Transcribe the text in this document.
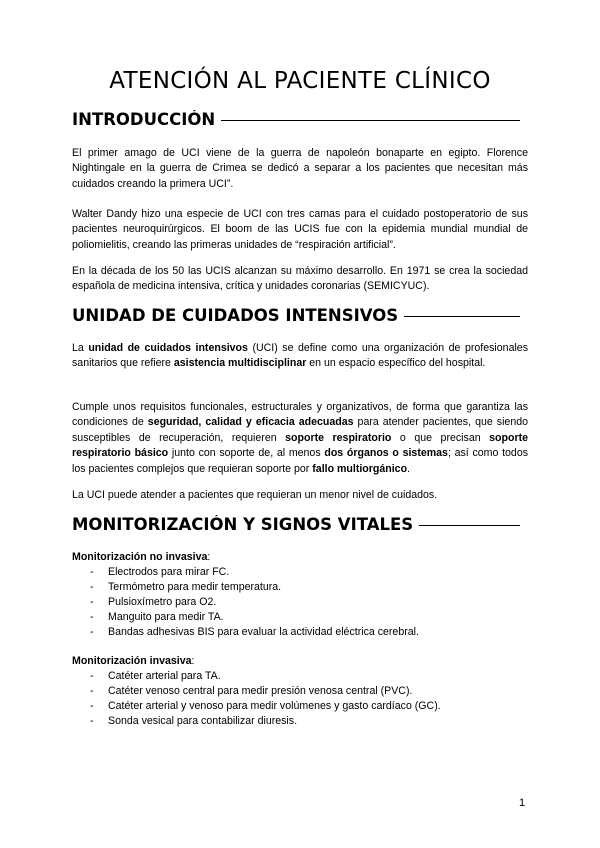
ATENCIÓN AL PACIENTE CLÍNICO
INTRODUCCIÓN

El primer amago de UCI viene de la guerra de napoleón bonaparte en egipto. Florence Nightingale en la guerra de Crimea se dedicó a separar a los pacientes que necesitan más cuidados creando la primera UCI”.

Walter Dandy hizo una especie de UCI con tres camas para el cuidado postoperatorio de sus pacientes neuroquirúrgicos. El boom de las UCIS fue con la epidemia mundial mundial de poliomielitis, creando las primeras unidades de “respiración artificial”.

En la década de los 50 las UCIS alcanzan su máximo desarrollo. En 1971 se crea la sociedad española de medicina intensiva, crítica y unidades coronarias (SEMICYUC).

UNIDAD DE CUIDADOS INTENSIVOS

La unidad de cuidados intensivos (UCI) se define como una organización de profesionales sanitarios que refiere asistencia multidisciplinar en un espacio específico del hospital.

Cumple unos requisitos funcionales, estructurales y organizativos, de forma que garantiza las condiciones de seguridad, calidad y eficacia adecuadas para atender pacientes, que siendo susceptibles de recuperación, requieren soporte respiratorio o que precisan soporte respiratorio básico junto con soporte de, al menos dos órganos o sistemas; así como todos los pacientes complejos que requieran soporte por fallo multiorgánico.

La UCI puede atender a pacientes que requieran un menor nivel de cuidados.

MONITORIZACIÓN Y SIGNOS VITALES

Monitorización no invasiva:

- Electrodos para mirar FC.
- Termómetro para medir temperatura.
- Pulsioxímetro para O2.
- Manguito para medir TA.
- Bandas adhesivas BIS para evaluar la actividad eléctrica cerebral.

Monitorización invasiva:

- Catéter arterial para TA.
- Catéter venoso central para medir presión venosa central (PVC).
- Catéter arterial y venoso para medir volúmenes y gasto cardíaco (GC).
- Sonda vesical para contabilizar diuresis.
1
